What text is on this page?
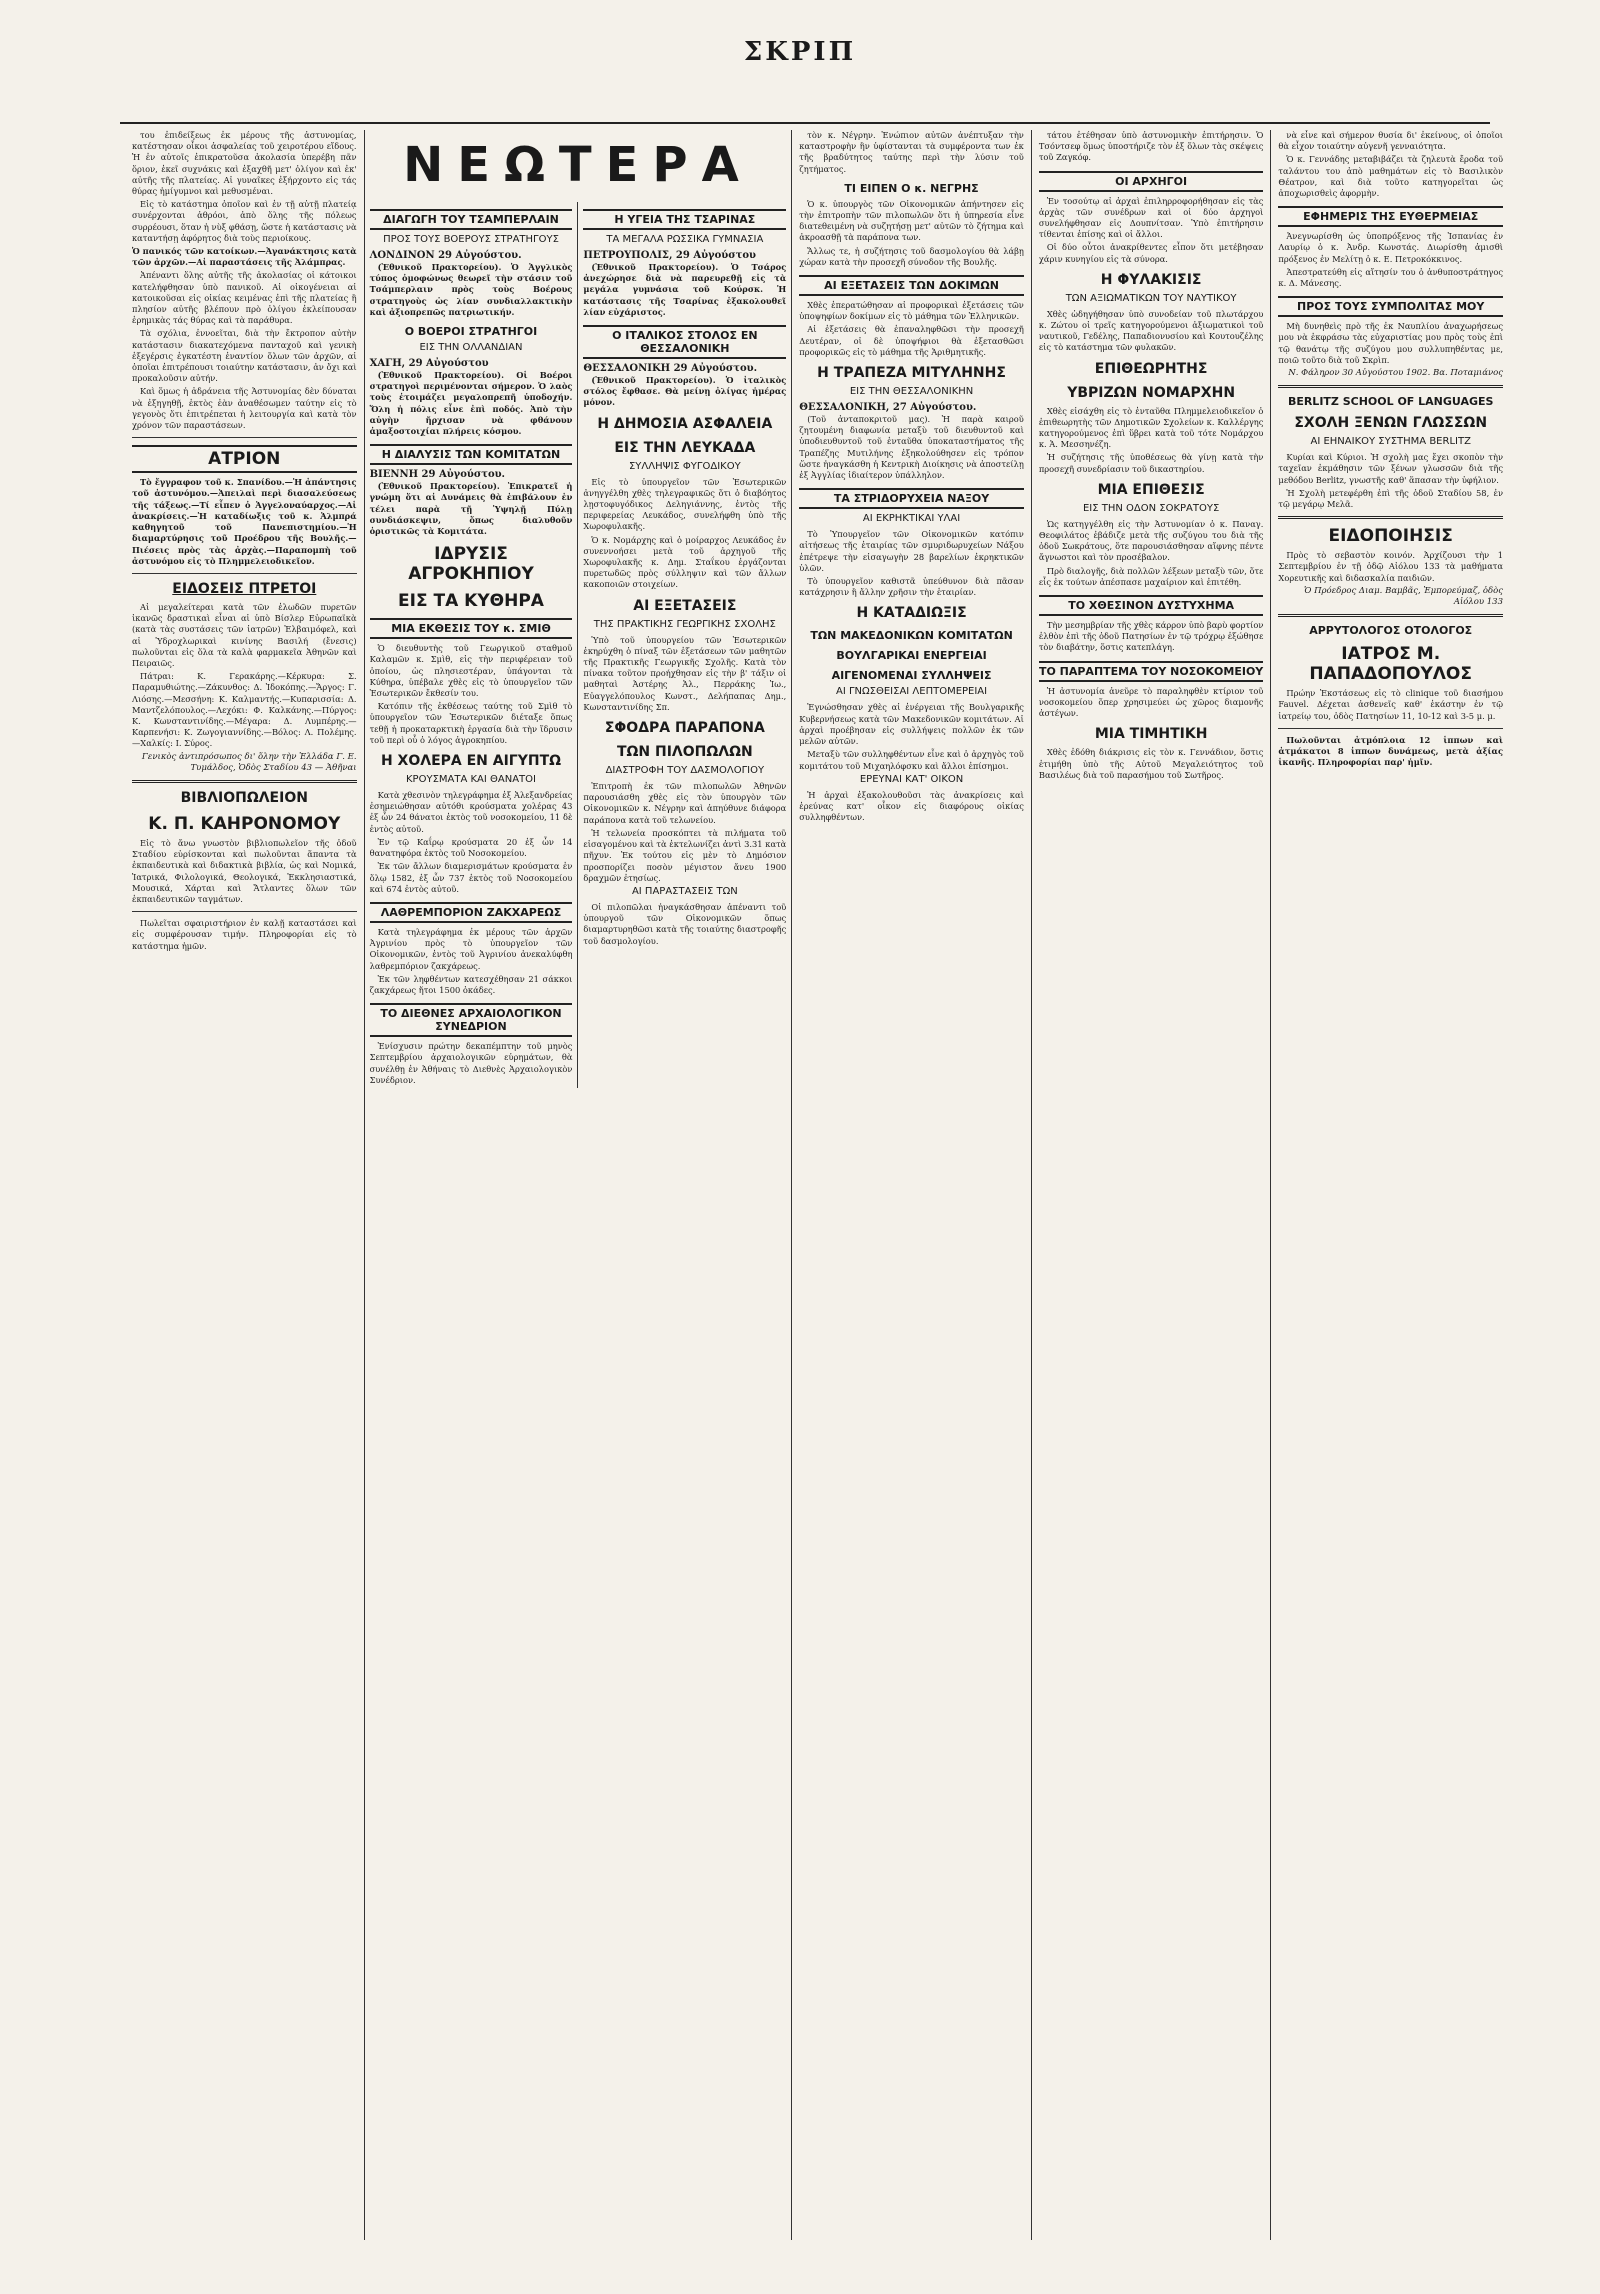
ΣΚΡΙΠ

του ἐπιδείξεως ἐκ μέρους τῆς ἀστυνομίας, κατέστησαν οἶκοι ἀσφαλείας τοῦ χειροτέρου εἴδους. Ἡ ἐν αὐτοῖς ἐπικρατοῦσα ἀκολασία ὑπερέβη πᾶν ὅριον, ἐκεῖ συχνάκις καὶ ἐξαχθῆ μετ' ὀλίγον καὶ ἐκ' αὐτῆς τῆς πλατείας. Αἱ γυναῖκες ἐξήρχοντο εἰς τάς θύρας ἡμίγυμνοι καὶ μεθυσμέναι.

Εἰς τὸ κατάστημα ὁποῖον καὶ ἐν τῇ αὐτῇ πλατείᾳ συνέρχονται ἀθρόοι, ἀπὸ ὅλης τῆς πόλεως συρρέουσι, ὅταν ἡ νὺξ φθάσῃ, ὥστε ἡ κατάστασις νὰ καταντήσῃ ἀφόρητος διὰ τοὺς περιοίκους.

Ὁ πανικός τῶν κατοίκων.—Ἀγανάκτησις κατὰ τῶν ἀρχῶν.—Αἱ παραστάσεις τῆς Ἀλάμπρας.

Ἀπέναντι ὅλης αὐτῆς τῆς ἀκολασίας οἱ κάτοικοι κατελήφθησαν ὑπὸ πανικοῦ. Αἱ οἰκογένειαι αἱ κατοικοῦσαι εἰς οἰκίας κειμένας ἐπὶ τῆς πλατείας ἢ πλησίον αὐτῆς βλέπουν πρὸ ὀλίγου ἐκλείπουσαν ἐρημικὰς τάς θύρας καὶ τὰ παράθυρα.

Τὰ σχόλια, ἐννοεῖται, διὰ τὴν ἔκτροπον αὐτὴν κατάστασιν διακατεχόμενα πανταχοῦ καὶ γενικὴ ἐξεγέρσις ἐγκατέστη ἐναντίον ὅλων τῶν ἀρχῶν, αἱ ὁποῖαι ἐπιτρέπουσι τοιαύτην κατάστασιν, ἀν ὄχι καὶ προκαλοῦσιν αὐτήν.

Καὶ ὅμως ἡ ἀδράνεια τῆς Ἀστυνομίας δὲν δύναται νὰ ἐξηγηθῇ, ἐκτὸς ἐὰν ἀναθέσωμεν ταύτην εἰς τὸ γεγονὸς ὅτι ἐπιτρέπεται ἡ λειτουργία καὶ κατὰ τὸν χρόνον τῶν παραστάσεων.

ΑΤΡΙΟΝ

Τὸ ἔγγραφον τοῦ κ. Σπανίδου.—Ἡ ἀπάντησις τοῦ ἀστυνόμου.—Ἀπειλαὶ περὶ διασαλεύσεως τῆς τάξεως.—Τί εἶπεν ὁ Ἀγγελοναύαρχος.—Αἱ ἀνακρίσεις.—Ἡ καταδίωξις τοῦ κ. Ἀλμπρά καθηγητοῦ τοῦ Πανεπιστημίου.—Ἡ διαμαρτύρησις τοῦ Προέδρου τῆς Βουλῆς.—Πιέσεις πρὸς τὰς ἀρχὰς.—Παραπομπὴ τοῦ ἀστυνόμου εἰς τὸ Πλημμελειοδικεῖον.

ΕΙΔΟΣΕΙΣ ΠΤΡΕΤΟΙ

Αἱ μεγαλείτεραι κατὰ τῶν ἐλωδῶν πυρετῶν ἰκανῶς δραστικαὶ εἶναι αἱ ὑπὸ Βίσλερ Εὐρωπαϊκὰ (κατὰ τὰς συστάσεις τῶν ἰατρῶν) Ἑλβαιμόφελ, καὶ αἱ Ὑδροχλωρικαὶ κινίνης Βασιλή (ἔνεσις) πωλοῦνται εἰς ὅλα τὰ καλὰ φαρμακεῖα Ἀθηνῶν καὶ Πειραιῶς.

Πάτραι: Κ. Γερακάρης.—Κέρκυρα: Σ. Παραμυθιώτης.—Ζάκυνθος: Δ. Ἰδοκόπης.—Ἄργος: Γ. Λιόσης.—Μεσσήνη: Κ. Καλμαντής.—Κυπαρισσία: Δ. Μαντζελόπουλος.—Λεχόκι: Φ. Καλκάνης.—Πύργος: Κ. Κωνσταντινίδης.—Μέγαρα: Δ. Λυμπέρης.—Καρπενήσι: Κ. Ζωγογιαννίδης.—Βόλος: Λ. Πολέμης.—Χαλκίς: Ι. Σύρος.

Γενικὸς ἀντιπρόσωπος δι' ὅλην τὴν Ἑλλάδα Γ. Ε. Τυμάλδος, Ὁδὸς Σταδίου 43 — Ἀθῆναι
ΒΙΒΛΙΟΠΩΛΕΙΟΝ
Κ. Π. ΚΑΗΡΟΝΟΜΟΥ

Εἰς τὸ ἄνω γνωστὸν βιβλιοπωλεῖον τῆς ὁδοῦ Σταδίου εὑρίσκονται καὶ πωλοῦνται ἅπαντα τὰ ἐκπαιδευτικὰ καὶ διδακτικὰ βιβλία, ὡς καὶ Νομικά, Ἰατρικά, Φιλολογικά, Θεολογικά, Ἐκκλησιαστικά, Μουσικά, Χάρται καὶ Ἄτλαντες ὅλων τῶν ἐκπαιδευτικῶν ταγμάτων.

Πωλεῖται σφαιριστήριον ἐν καλῇ καταστάσει καὶ εἰς συμφέρουσαν τιμήν. Πληροφορίαι εἰς τὸ κατάστημα ἡμῶν.

ΝΕΩΤΕΡΑ
ΔΙΑΓΩΓΗ ΤΟΥ ΤΣΑΜΠΕΡΛΑΙΝ
ΠΡΟΣ ΤΟΥΣ ΒΟΕΡΟΥΣ ΣΤΡΑΤΗΓΟΥΣ
ΛΟΝΔΙΝΟΝ 29 Αὐγούστου.

(Ἐθνικοῦ Πρακτορείου). Ὁ Ἀγγλικὸς τύπος ὁμοφώνως θεωρεῖ τὴν στάσιν τοῦ Τσάμπερλαιν πρὸς τοὺς Βοέρους στρατηγοὺς ὡς λίαν συνδιαλλακτικὴν καὶ ἀξιοπρεπῶς πατριωτικήν.

Ο ΒΟΕΡΟΙ ΣΤΡΑΤΗΓΟΙ
ΕΙΣ ΤΗΝ ΟΛΛΑΝΔΙΑΝ
ΧΑΓΗ, 29 Αὐγούστου

(Ἐθνικοῦ Πρακτορείου). Οἱ Βοέροι στρατηγοὶ περιμένονται σήμερον. Ὁ λαὸς τοὺς ἑτοιμάζει μεγαλοπρεπῆ ὑποδοχήν. Ὅλη ἡ πόλις εἶνε ἐπὶ ποδός. Ἀπὸ τὴν αὐγὴν ἤρχισαν νὰ φθάνουν ἀμαξοστοιχίαι πλήρεις κόσμου.

Η ΔΙΑΛΥΣΙΣ ΤΩΝ ΚΟΜΙΤΑΤΩΝ
ΒΙΕΝΝΗ 29 Αὐγούστου.

(Ἐθνικοῦ Πρακτορείου). Ἐπικρατεῖ ἡ γνώμη ὅτι αἱ Δυνάμεις θὰ ἐπιβάλουν ἐν τέλει παρὰ τῇ Ὑψηλῇ Πύλῃ συνδιάσκεψιν, ὅπως διαλυθοῦν ὁριστικῶς τὰ Κομιτάτα.

ΙΔΡΥΣΙΣ ΑΓΡΟΚΗΠΙΟΥ
ΕΙΣ ΤΑ ΚΥΘΗΡΑ
ΜΙΑ ΕΚΘΕΣΙΣ ΤΟΥ κ. ΣΜΙΘ

Ὁ διευθυντὴς τοῦ Γεωργικοῦ σταθμοῦ Καλαμῶν κ. Σμὶθ, εἰς τὴν περιφέρειαν τοῦ ὁποίου, ὡς πλησιεστέραν, ὑπάγονται τὰ Κύθηρα, ὑπέβαλε χθὲς εἰς τὸ ὑπουργεῖον τῶν Ἐσωτερικῶν ἔκθεσίν του.

Κατόπιν τῆς ἐκθέσεως ταύτης τοῦ Σμὶθ τὸ ὑπουργεῖον τῶν Ἐσωτερικῶν διέταξε ὅπως τεθῇ ἡ προκαταρκτικὴ ἐργασία διὰ τὴν ἵδρυσιν τοῦ περὶ οὗ ὁ λόγος ἀγροκηπίου.

Η ΧΟΛΕΡΑ ΕΝ ΑΙΓΥΠΤΩ
ΚΡΟΥΣΜΑΤΑ ΚΑΙ ΘΑΝΑΤΟΙ

Κατὰ χθεσινὸν τηλεγράφημα ἐξ Ἀλεξανδρείας ἐσημειώθησαν αὐτόθι κρούσματα χολέρας 43 ἐξ ὧν 24 θάνατοι ἐκτὸς τοῦ νοσοκομείου, 11 δὲ ἐντὸς αὐτοῦ.

Ἐν τῷ Καΐρῳ κρούσματα 20 ἐξ ὧν 14 θανατηφόρα ἐκτὸς τοῦ Νοσοκομείου.

Ἐκ τῶν ἄλλων διαμερισμάτων κρούσματα ἐν ὅλῳ 1582, ἐξ ὧν 737 ἐκτὸς τοῦ Νοσοκομείου καὶ 674 ἐντὸς αὐτοῦ.

ΛΑΘΡΕΜΠΟΡΙΟΝ ΖΑΚΧΑΡΕΩΣ

Κατὰ τηλεγράφημα ἐκ μέρους τῶν ἀρχῶν Ἀγρινίου πρὸς τὸ ὑπουργεῖον τῶν Οἰκονομικῶν, ἐντὸς τοῦ Ἀγρινίου ἀνεκαλύφθη λαθρεμπόριον ζακχάρεως.

Ἐκ τῶν ληφθέντων κατεσχέθησαν 21 σάκκοι ζακχάρεως ἥτοι 1500 ὀκάδες.

ΤΟ ΔΙΕΘΝΕΣ ΑΡΧΑΙΟΛΟΓΙΚΟΝ ΣΥΝΕΔΡΙΟΝ

Ἐνίσχυσιν πρώτην δεκαπέμπτην τοῦ μηνὸς Σεπτεμβρίου ἀρχαιολογικῶν εὑρημάτων, θὰ συνέλθῃ ἐν Ἀθήναις τὸ Διεθνὲς Ἀρχαιολογικὸν Συνέδριον.

Η ΥΓΕΙΑ ΤΗΣ ΤΣΑΡΙΝΑΣ
ΤΑ ΜΕΓΑΛΑ ΡΩΣΣΙΚΑ ΓΥΜΝΑΣΙΑ
ΠΕΤΡΟΥΠΟΛΙΣ, 29 Αὐγούστου

(Ἐθνικοῦ Πρακτορείου). Ὁ Τσάρος ἀνεχώρησε διὰ νὰ παρευρεθῇ εἰς τὰ μεγάλα γυμνάσια τοῦ Κούρσκ. Ἡ κατάστασις τῆς Τσαρίνας ἐξακολουθεῖ λίαν εὐχάριστος.

Ο ΙΤΑΛΙΚΟΣ ΣΤΟΛΟΣ ΕΝ ΘΕΣΣΑΛΟΝΙΚΗ
ΘΕΣΣΑΛΟΝΙΚΗ 29 Αὐγούστου.

(Ἐθνικοῦ Πρακτορείου). Ὁ ἰταλικὸς στόλος ἔφθασε. Θὰ μείνῃ ὀλίγας ἡμέρας μόνον.

Η ΔΗΜΟΣΙΑ ΑΣΦΑΛΕΙΑ
ΕΙΣ ΤΗΝ ΛΕΥΚΑΔΑ
ΣΥΛΛΗΨΙΣ ΦΥΓΟΔΙΚΟΥ

Εἰς τὸ ὑπουργεῖον τῶν Ἐσωτερικῶν ἀνηγγέλθη χθὲς τηλεγραφικῶς ὅτι ὁ διαβόητος λῃστοφυγόδικος Δεληγιάννης, ἐντὸς τῆς περιφερείας Λευκάδος, συνελήφθη ὑπὸ τῆς Χωροφυλακῆς.

Ὁ κ. Νομάρχης καὶ ὁ μοίραρχος Λευκάδος ἐν συνεννοήσει μετὰ τοῦ ἀρχηγοῦ τῆς Χωροφυλακῆς κ. Δημ. Σταΐκου ἐργάζονται πυρετωδῶς πρὸς σύλληψιν καὶ τῶν ἄλλων κακοποιῶν στοιχείων.

ΑΙ ΕΞΕΤΑΣΕΙΣ
ΤΗΣ ΠΡΑΚΤΙΚΗΣ ΓΕΩΡΓΙΚΗΣ ΣΧΟΛΗΣ

Ὑπὸ τοῦ ὑπουργείου τῶν Ἐσωτερικῶν ἐκηρύχθη ὁ πίναξ τῶν ἐξετάσεων τῶν μαθητῶν τῆς Πρακτικῆς Γεωργικῆς Σχολῆς. Κατὰ τὸν πίνακα τοῦτον προήχθησαν εἰς τὴν β' τάξιν οἱ μαθηταὶ Ἀστέρης Ἀλ., Περράκης Ἰω., Εὐαγγελόπουλος Κωνστ., Δελήπαπας Δημ., Κωνσταντινίδης Σπ.

ΣΦΟΔΡΑ ΠΑΡΑΠΟΝΑ
ΤΩΝ ΠΙΛΟΠΩΛΩΝ
ΔΙΑΣΤΡΟΦΗ ΤΟΥ ΔΑΣΜΟΛΟΓΙΟΥ

Ἐπιτροπὴ ἐκ τῶν πιλοπωλῶν Ἀθηνῶν παρουσιάσθη χθὲς εἰς τὸν ὑπουργὸν τῶν Οἰκονομικῶν κ. Νέγρην καὶ ἀπηύθυνε διάφορα παράπονα κατὰ τοῦ τελωνείου.

Ἡ τελωνεία προσκόπτει τὰ πιλήματα τοῦ εἰσαγομένου καὶ τὰ ἐκτελωνίζει ἀντὶ 3.31 κατὰ πῆχυν. Ἐκ τούτου εἰς μὲν τὸ Δημόσιον προσπορίζει ποσὸν μέγιστον ἄνευ 1900 δραχμῶν ἐτησίως.

ΑΙ ΠΑΡΑΣΤΑΣΕΙΣ ΤΩΝ

Οἱ πιλοπῶλαι ἠναγκάσθησαν ἀπέναντι τοῦ ὑπουργοῦ τῶν Οἰκονομικῶν ὅπως διαμαρτυρηθῶσι κατὰ τῆς τοιαύτης διαστροφῆς τοῦ δασμολογίου.

τὸν κ. Νέγρην. Ἐνώπιον αὐτῶν ἀνέπτυξαν τὴν καταστροφὴν ἣν ὑφίστανται τὰ συμφέροντα των ἐκ τῆς βραδύτητος ταύτης περὶ τὴν λύσιν τοῦ ζητήματος.

ΤΙ ΕΙΠΕΝ Ο κ. ΝΕΓΡΗΣ

Ὁ κ. ὑπουργὸς τῶν Οἰκονομικῶν ἀπήντησεν εἰς τὴν ἐπιτροπὴν τῶν πιλοπωλῶν ὅτι ἡ ὑπηρεσία εἶνε διατεθειμένη νὰ συζητήσῃ μετ' αὐτῶν τὸ ζήτημα καὶ ἀκροασθῇ τὰ παράπονα των.

Ἄλλως τε, ἡ συζήτησις τοῦ δασμολογίου θὰ λάβῃ χώραν κατὰ τὴν προσεχῆ σύνοδον τῆς Βουλῆς.

ΑΙ ΕΞΕΤΑΣΕΙΣ ΤΩΝ ΔΟΚΙΜΩΝ

Χθὲς ἐπερατώθησαν αἱ προφορικαὶ ἐξετάσεις τῶν ὑποψηφίων δοκίμων εἰς τὸ μάθημα τῶν Ἑλληνικῶν.

Αἱ ἐξετάσεις θὰ ἐπαναληφθῶσι τὴν προσεχῆ Δευτέραν, οἱ δὲ ὑποψήφιοι θὰ ἐξετασθῶσι προφορικῶς εἰς τὸ μάθημα τῆς Ἀριθμητικῆς.

Η ΤΡΑΠΕΖΑ ΜΙΤΥΛΗΝΗΣ
ΕΙΣ ΤΗΝ ΘΕΣΣΑΛΟΝΙΚΗΝ
ΘΕΣΣΑΛΟΝΙΚΗ, 27 Αὐγούστου.

(Τοῦ ἀνταποκριτοῦ μας). Ἡ παρὰ καιροῦ ζητουμένη διαφωνία μεταξὺ τοῦ διευθυντοῦ καὶ ὑποδιευθυντοῦ τοῦ ἐνταῦθα ὑποκαταστήματος τῆς Τραπέζης Μυτιλήνης ἐξηκολούθησεν εἰς τρόπον ὥστε ἠναγκάσθη ἡ Κεντρικὴ Διοίκησις νὰ ἀποστείλῃ ἐξ Ἀγγλίας ἰδιαίτερον ὑπάλληλον.

ΤΑ ΣΤΡΙΔΟΡΥΧΕΙΑ ΝΑΞΟΥ
ΑΙ ΕΚΡΗΚΤΙΚΑΙ ΥΛΑΙ

Τὸ Ὑπουργεῖον τῶν Οἰκονομικῶν κατόπιν αἰτήσεως τῆς ἑταιρίας τῶν σμυριδωρυχείων Νάξου ἐπέτρεψε τὴν εἰσαγωγὴν 28 βαρελίων ἐκρηκτικῶν ὑλῶν.

Τὸ ὑπουργεῖον καθιστᾶ ὑπεύθυνον διὰ πᾶσαν κατάχρησιν ἢ ἄλλην χρῆσιν τὴν ἑταιρίαν.

Η ΚΑΤΑΔΙΩΞΙΣ
ΤΩΝ ΜΑΚΕΔΟΝΙΚΩΝ ΚΟΜΙΤΑΤΩΝ
ΒΟΥΛΓΑΡΙΚΑΙ ΕΝΕΡΓΕΙΑΙ
ΑΙΓΕΝΟΜΕΝΑΙ ΣΥΛΛΗΨΕΙΣ
ΑΙ ΓΝΩΣΘΕΙΣΑΙ ΛΕΠΤΟΜΕΡΕΙΑΙ

Ἐγνώσθησαν χθὲς αἱ ἐνέργειαι τῆς Βουλγαρικῆς Κυβερνήσεως κατὰ τῶν Μακεδονικῶν κομιτάτων. Αἱ ἀρχαὶ προέβησαν εἰς συλλήψεις πολλῶν ἐκ τῶν μελῶν αὐτῶν.

Μεταξὺ τῶν συλληφθέντων εἶνε καὶ ὁ ἀρχηγὸς τοῦ κομιτάτου τοῦ Μιχαηλόφσκυ καὶ ἄλλοι ἐπίσημοι.

ΕΡΕΥΝΑΙ ΚΑΤ' ΟΙΚΟΝ

Ἡ ἀρχαὶ ἐξακολουθοῦσι τὰς ἀνακρίσεις καὶ ἐρεύνας κατ' οἶκον εἰς διαφόρους οἰκίας συλληφθέντων.

τάτου ἐτέθησαν ὑπὸ ἀστυνομικὴν ἐπιτήρησιν. Ὁ Τσόντσεφ ὅμως ὑποστήριζε τὸν ἐξ ὅλων τὰς σκέψεις τοῦ Ζαγκόφ.

ΟΙ ΑΡΧΗΓΟΙ

Ἐν τοσούτῳ αἱ ἀρχαὶ ἐπιληρροφορήθησαν εἰς τὰς ἀρχὰς τῶν συνέδρων καὶ οἱ δύο ἀρχηγοὶ συνελήφθησαν εἰς Δουπνίτσαν. Ὑπὸ ἐπιτήρησιν τίθενται ἐπίσης καὶ οἱ ἄλλοι.

Οἱ δύο οὗτοι ἀνακρίθεντες εἶπον ὅτι μετέβησαν χάριν κυνηγίου εἰς τὰ σύνορα.

Η ΦΥΛΑΚΙΣΙΣ
ΤΩΝ ΑΞΙΩΜΑΤΙΚΩΝ ΤΟΥ ΝΑΥΤΙΚΟΥ

Χθὲς ὡδηγήθησαν ὑπὸ συνοδείαν τοῦ πλωτάρχου κ. Ζώτου οἱ τρεῖς κατηγορούμενοι ἀξιωματικοὶ τοῦ ναυτικοῦ, Γεδέλης, Παπαδιονυσίου καὶ Κουτουζέλης εἰς τὸ κατάστημα τῶν φυλακῶν.

ΕΠΙΘΕΩΡΗΤΗΣ
ΥΒΡΙΖΩΝ ΝΟΜΑΡΧΗΝ

Χθὲς εἰσάχθη εἰς τὸ ἐνταῦθα Πλημμελειοδικεῖον ὁ ἐπιθεωρητὴς τῶν Δημοτικῶν Σχολείων κ. Καλλέργης κατηγορούμενος ἐπὶ ὕβρει κατὰ τοῦ τότε Νομάρχου κ. Ἀ. Μεσσηνέζη.

Ἡ συζήτησις τῆς ὑποθέσεως θὰ γίνῃ κατὰ τὴν προσεχῆ συνεδρίασιν τοῦ δικαστηρίου.

ΜΙΑ ΕΠΙΘΕΣΙΣ
ΕΙΣ ΤΗΝ ΟΔΟΝ ΣΟΚΡΑΤΟΥΣ

Ὡς κατηγγέλθη εἰς τὴν Ἀστυνομίαν ὁ κ. Παναγ. Θεοφιλάτος ἐβάδιζε μετὰ τῆς συζύγου του διὰ τῆς ὁδοῦ Σωκράτους, ὅτε παρουσιάσθησαν αἴφνης πέντε ἄγνωστοι καὶ τὸν προσέβαλον.

Πρὸ διαλογῆς, διὰ πολλῶν λέξεων μεταξὺ τῶν, ὅτε εἷς ἐκ τούτων ἀπέσπασε μαχαίριον καὶ ἐπιτέθη.

ΤΟ ΧΘΕΣΙΝΟΝ ΔΥΣΤΥΧΗΜΑ

Τὴν μεσημβρίαν τῆς χθὲς κάρρον ὑπὸ βαρὺ φορτίον ἐλθὸν ἐπὶ τῆς ὁδοῦ Πατησίων ἐν τῷ τρόχρῳ ἐξώθησε τὸν διαβάτην, ὅστις κατεπλάγη.

ΤΟ ΠΑΡΑΠΤΕΜΑ ΤΟΥ ΝΟΣΟΚΟΜΕΙΟΥ

Ἡ ἀστυνομία ἀνεῦρε τὸ παραληφθὲν κτίριον τοῦ νοσοκομείου ὅπερ χρησιμεύει ὡς χῶρος διαμονῆς ἀστέγων.

ΜΙΑ ΤΙΜΗΤΙΚΗ

Χθὲς ἐδόθη διάκρισις εἰς τὸν κ. Γεννάδιον, ὅστις ἐτιμήθη ὑπὸ τῆς Αὐτοῦ Μεγαλειότητος τοῦ Βασιλέως διὰ τοῦ παρασήμου τοῦ Σωτῆρος.

νὰ εἶνε καὶ σήμερον θυσία δι' ἐκείνους, οἱ ὁποῖοι θὰ εἶχον τοιαύτην αὐγενῆ γενναιότητα.

Ὁ κ. Γεννάδης μεταβιβάζει τὰ ζηλευτὰ ἔροδα τοῦ ταλάντου του ἀπὸ μαθημάτων εἰς τὸ Βασιλικὸν Θέατρον, καὶ διὰ τοῦτο κατηγορεῖται ὡς ἀποχωρισθεὶς ἀφορμὴν.

ΕΦΗΜΕΡΙΣ ΤΗΣ ΕΥΘΕΡΜΕΙΑΣ

Ἀνεγνωρίσθη ὡς ὑποπρόξενος τῆς Ἰσπανίας ἐν Λαυρίῳ ὁ κ. Ἀνδρ. Κωνστάς. Διωρίσθη ἀμισθὶ πρόξενος ἐν Μελίτῃ ὁ κ. Ε. Πετροκόκκινος.

Ἀπεστρατεύθη εἰς αἴτησίν του ὁ ἀνθυποστράτηγος κ. Δ. Μάνεσης.

ΠΡΟΣ ΤΟΥΣ ΣΥΜΠΟΛΙΤΑΣ ΜΟΥ

Μὴ δυνηθεὶς πρὸ τῆς ἐκ Ναυπλίου ἀναχωρήσεως μου νὰ ἐκφράσω τὰς εὐχαριστίας μου πρὸς τοὺς ἐπὶ τῷ θανάτῳ τῆς συζύγου μου συλλυπηθέντας με, ποιῶ τοῦτο διὰ τοῦ Σκρὶπ.

Ν. Φάληρον 30 Αὐγούστου 1902. Βα. Ποταμιάνος
BERLITZ SCHOOL OF LANGUAGES
ΣΧΟΛΗ ΞΕΝΩΝ ΓΛΩΣΣΩΝ
ΑΙ ΕΗΝΑΙΚΟΥ ΣΥΣΤΗΜΑ BERLITZ

Κυρίαι καὶ Κύριοι. Ἡ σχολὴ μας ἔχει σκοπὸν τὴν ταχεῖαν ἐκμάθησιν τῶν ξένων γλωσσῶν διὰ τῆς μεθόδου Berlitz, γνωστῆς καθ' ἅπασαν τὴν ὑφήλιον.

Ἡ Σχολὴ μετεφέρθη ἐπὶ τῆς ὁδοῦ Σταδίου 58, ἐν τῷ μεγάρῳ Μελᾶ.

ΕΙΔΟΠΟΙΗΣΙΣ

Πρὸς τὸ σεβαστὸν κοινόν. Ἀρχίζουσι τὴν 1 Σεπτεμβρίου ἐν τῇ ὁδῷ Αἰόλου 133 τὰ μαθήματα Χορευτικῆς καὶ διδασκαλία παιδιῶν.

Ὁ Πρόεδρος Διαμ. Βαμβᾶς, Ἐμπορεύμαζ, ὁδὸς Αἰόλου 133
ΑΡΡΥΤΟΛΟΓΟΣ ΟΤΟΛΟΓΟΣ
ΙΑΤΡΟΣ Μ. ΠΑΠΑΔΟΠΟΥΛΟΣ

Πρώην Ἐκστάσεως εἰς τὸ clinique τοῦ διασήμου Fauvel. Δέχεται ἀσθενεῖς καθ' ἑκάστην ἐν τῷ ἰατρείῳ του, ὁδὸς Πατησίων 11, 10-12 καὶ 3-5 μ. μ.

Πωλοῦνται ἀτμόπλοια 12 ἱππων καὶ ἀτμάκατοι 8 ἱππων δυνάμεως, μετὰ ἀξίας ἱκανῆς. Πληροφορίαι παρ' ἡμῖν.
